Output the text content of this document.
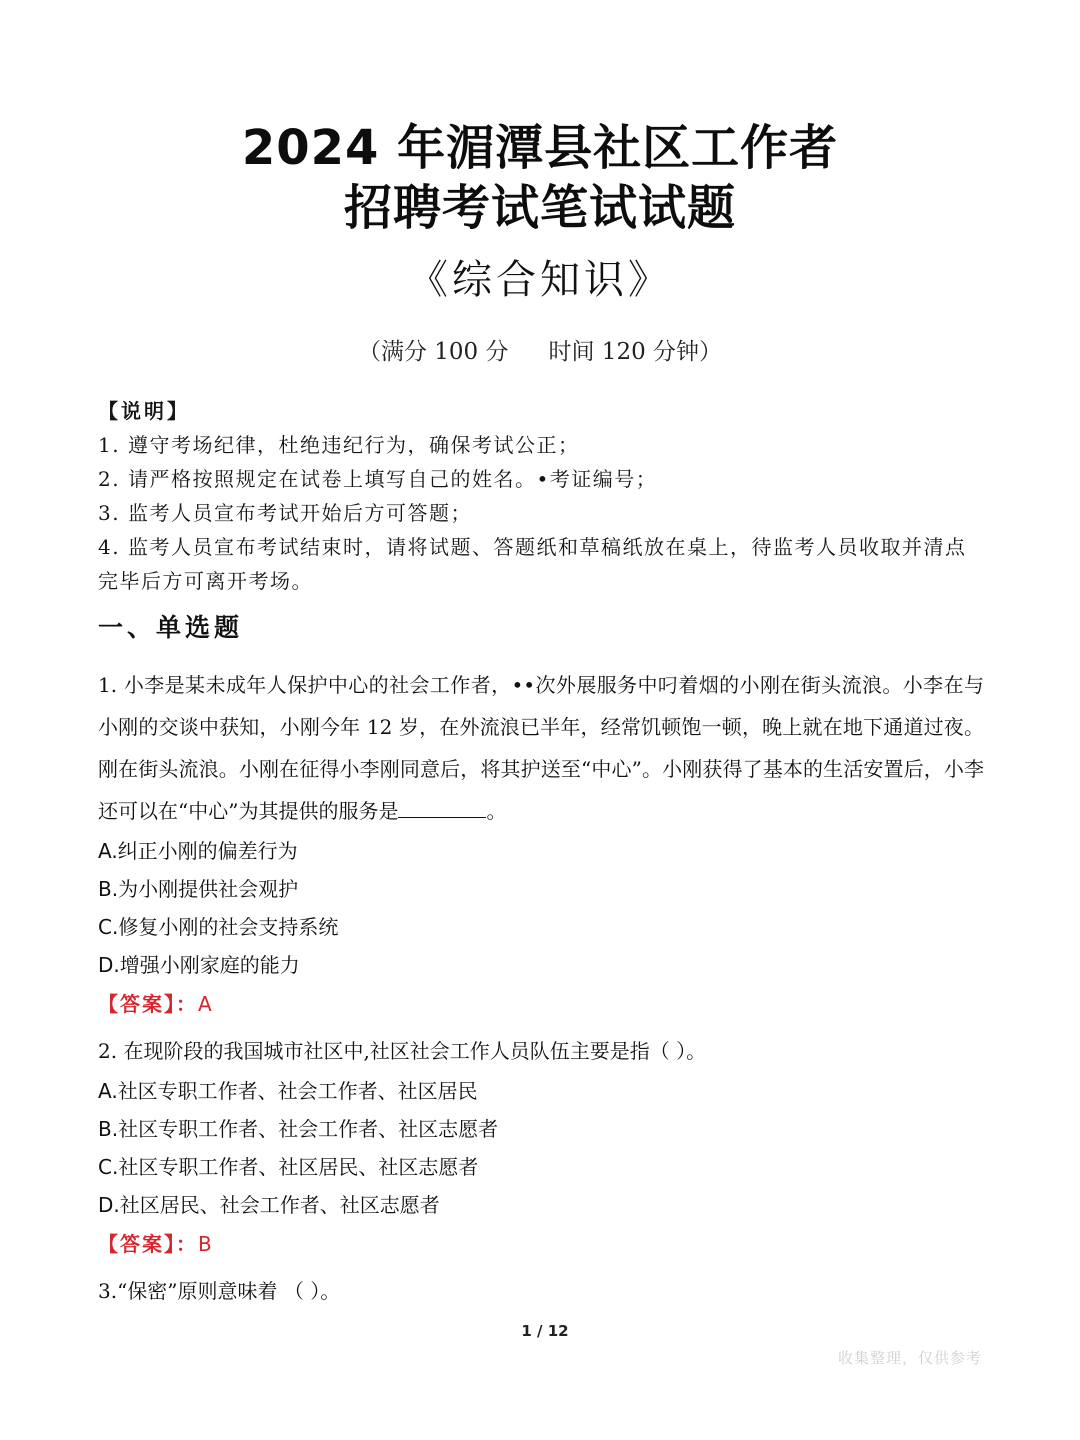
2024 年湄潭县社区工作者
招聘考试笔试试题
《综合知识》
（满分 100 分 时间 120 分钟）
【说明】
1. 遵守考场纪律，杜绝违纪行为，确保考试公正；
2. 请严格按照规定在试卷上填写自己的姓名。•考证编号；
3. 监考人员宣布考试开始后方可答题；
4. 监考人员宣布考试结束时，请将试题、答题纸和草稿纸放在桌上，待监考人员收取并清点完毕后方可离开考场。
一、单选题
1. 小李是某未成年人保护中心的社会工作者，••次外展服务中叼着烟的小刚在街头流浪。小李在与小刚的交谈中获知，小刚今年 12 岁，在外流浪已半年，经常饥顿饱一顿，晚上就在地下通道过夜。刚在街头流浪。小刚在征得小李刚同意后，将其护送至“中心”。小刚获得了基本的生活安置后，小李还可以在“中心”为其提供的服务是	。
A.纠正小刚的偏差行为
B.为小刚提供社会观护
C.修复小刚的社会支持系统
D.增强小刚家庭的能力
【答案】：A
2. 在现阶段的我国城市社区中,社区社会工作人员队伍主要是指（ ）。
A.社区专职工作者、社会工作者、社区居民
B.社区专职工作者、社会工作者、社区志愿者
C.社区专职工作者、社区居民、社区志愿者
D.社区居民、社会工作者、社区志愿者
【答案】：B
3.“保密”原则意味着 （ ）。
1 / 12
收集整理，仅供参考
